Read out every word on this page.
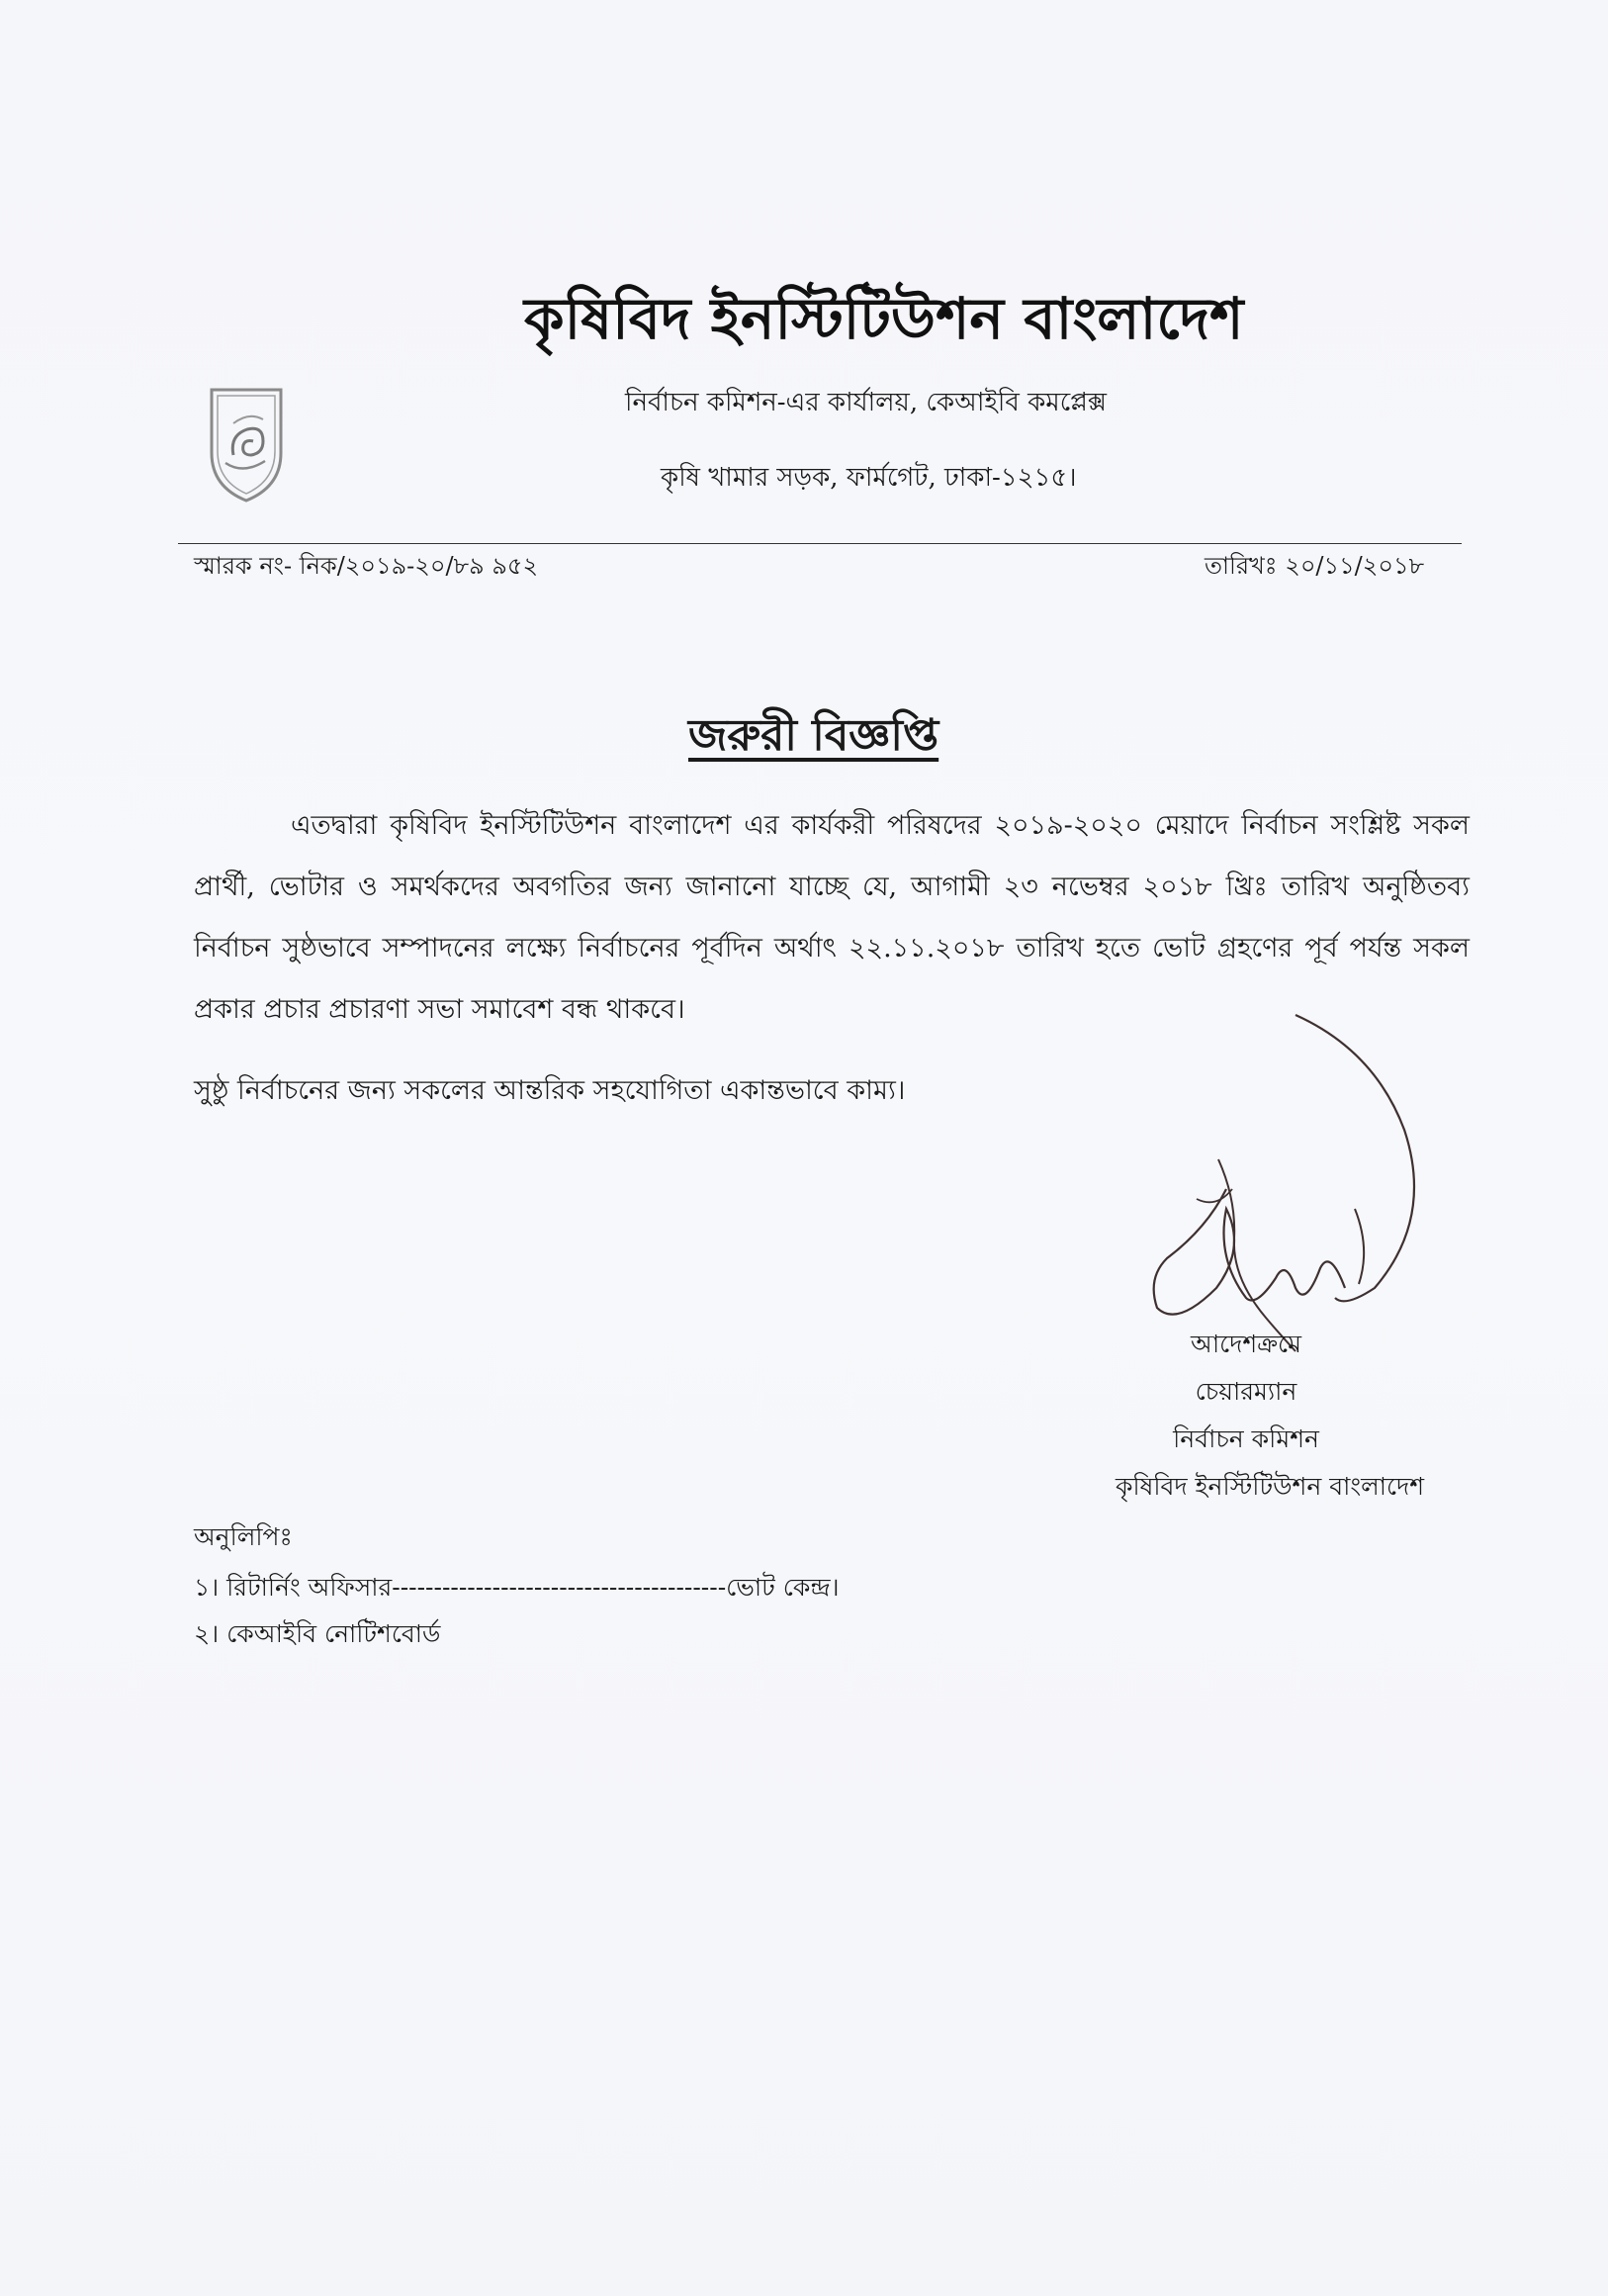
কৃষিবিদ ইনস্টিটিউশন বাংলাদেশ
নির্বাচন কমিশন-এর কার্যালয়, কেআইবি কমপ্লেক্স
কৃষি খামার সড়ক, ফার্মগেট, ঢাকা-১২১৫।
স্মারক নং- নিক/২০১৯-২০/৮৯ ৯৫২	তারিখঃ ২০/১১/২০১৮
জরুরী বিজ্ঞপ্তি
এতদ্বারা কৃষিবিদ ইনস্টিটিউশন বাংলাদেশ এর কার্যকরী পরিষদের ২০১৯-২০২০ মেয়াদে নির্বাচন সংশ্লিষ্ট সকল প্রার্থী, ভোটার ও সমর্থকদের অবগতির জন্য জানানো যাচ্ছে যে, আগামী ২৩ নভেম্বর ২০১৮ খ্রিঃ তারিখ অনুষ্ঠিতব্য নির্বাচন সুষ্ঠভাবে সম্পাদনের লক্ষ্যে নির্বাচনের পূর্বদিন অর্থাৎ ২২.১১.২০১৮ তারিখ হতে ভোট গ্রহণের পূর্ব পর্যন্ত সকল প্রকার প্রচার প্রচারণা সভা সমাবেশ বন্ধ থাকবে।
সুষ্ঠু নির্বাচনের জন্য সকলের আন্তরিক সহযোগিতা একান্তভাবে কাম্য।
আদেশক্রমে
চেয়ারম্যান
নির্বাচন কমিশন
কৃষিবিদ ইনস্টিটিউশন বাংলাদেশ
অনুলিপিঃ
১। রিটার্নিং অফিসার----------------------------------------ভোট কেন্দ্র।
২। কেআইবি নোটিশবোর্ড
